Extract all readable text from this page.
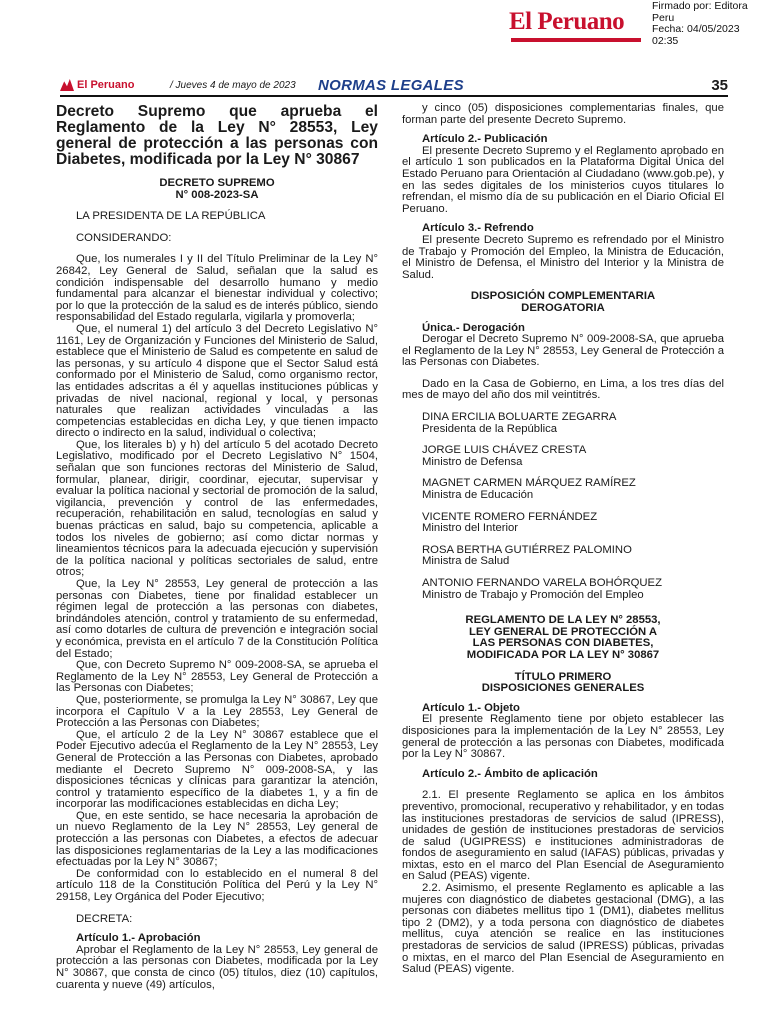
El Peruano
Firmado por: Editora
Peru
Fecha: 04/05/2023 02:35
El Peruano	/ Jueves 4 de mayo de 2023 NORMAS LEGALES	35

Decreto Supremo que aprueba el Reglamento de la Ley N° 28553, Ley general de protección a las personas con Diabetes, modificada por la Ley N° 30867

DECRETO SUPREMO

N° 008-2023-SA

LA PRESIDENTA DE LA REPÚBLICA

CONSIDERANDO:

Que, los numerales I y II del Título Preliminar de la Ley N° 26842, Ley General de Salud, señalan que la salud es condición indispensable del desarrollo humano y medio fundamental para alcanzar el bienestar individual y colectivo; por lo que la protección de la salud es de interés público, siendo responsabilidad del Estado regularla, vigilarla y promoverla;

Que, el numeral 1) del artículo 3 del Decreto Legislativo N° 1161, Ley de Organización y Funciones del Ministerio de Salud, establece que el Ministerio de Salud es competente en salud de las personas, y su artículo 4 dispone que el Sector Salud está conformado por el Ministerio de Salud, como organismo rector, las entidades adscritas a él y aquellas instituciones públicas y privadas de nivel nacional, regional y local, y personas naturales que realizan actividades vinculadas a las competencias establecidas en dicha Ley, y que tienen impacto directo o indirecto en la salud, individual o colectiva;

Que, los literales b) y h) del artículo 5 del acotado Decreto Legislativo, modificado por el Decreto Legislativo N° 1504, señalan que son funciones rectoras del Ministerio de Salud, formular, planear, dirigir, coordinar, ejecutar, supervisar y evaluar la política nacional y sectorial de promoción de la salud, vigilancia, prevención y control de las enfermedades, recuperación, rehabilitación en salud, tecnologías en salud y buenas prácticas en salud, bajo su competencia, aplicable a todos los niveles de gobierno; así como dictar normas y lineamientos técnicos para la adecuada ejecución y supervisión de la política nacional y políticas sectoriales de salud, entre otros;

Que, la Ley N° 28553, Ley general de protección a las personas con Diabetes, tiene por finalidad establecer un régimen legal de protección a las personas con diabetes, brindándoles atención, control y tratamiento de su enfermedad, así como dotarles de cultura de prevención e integración social y económica, prevista en el artículo 7 de la Constitución Política del Estado;

Que, con Decreto Supremo N° 009-2008-SA, se aprueba el Reglamento de la Ley N° 28553, Ley General de Protección a las Personas con Diabetes;

Que, posteriormente, se promulga la Ley N° 30867, Ley que incorpora el Capítulo V a la Ley 28553, Ley General de Protección a las Personas con Diabetes;

Que, el artículo 2 de la Ley N° 30867 establece que el Poder Ejecutivo adecúa el Reglamento de la Ley N° 28553, Ley General de Protección a las Personas con Diabetes, aprobado mediante el Decreto Supremo N° 009-2008-SA, y las disposiciones técnicas y clínicas para garantizar la atención, control y tratamiento específico de la diabetes 1, y a fin de incorporar las modificaciones establecidas en dicha Ley;

Que, en este sentido, se hace necesaria la aprobación de un nuevo Reglamento de la Ley N° 28553, Ley general de protección a las personas con Diabetes, a efectos de adecuar las disposiciones reglamentarias de la Ley a las modificaciones efectuadas por la Ley N° 30867;

De conformidad con lo establecido en el numeral 8 del artículo 118 de la Constitución Política del Perú y la Ley N° 29158, Ley Orgánica del Poder Ejecutivo;

DECRETA:

Artículo 1.- Aprobación

Aprobar el Reglamento de la Ley N° 28553, Ley general de protección a las personas con Diabetes, modificada por la Ley N° 30867, que consta de cinco (05) títulos, diez (10) capítulos, cuarenta y nueve (49) artículos,

y cinco (05) disposiciones complementarias finales, que forman parte del presente Decreto Supremo.

Artículo 2.- Publicación

El presente Decreto Supremo y el Reglamento aprobado en el artículo 1 son publicados en la Plataforma Digital Única del Estado Peruano para Orientación al Ciudadano (www.gob.pe), y en las sedes digitales de los ministerios cuyos titulares lo refrendan, el mismo día de su publicación en el Diario Oficial El Peruano.

Artículo 3.- Refrendo

El presente Decreto Supremo es refrendado por el Ministro de Trabajo y Promoción del Empleo, la Ministra de Educación, el Ministro de Defensa, el Ministro del Interior y la Ministra de Salud.

DISPOSICIÓN COMPLEMENTARIA

DEROGATORIA

Única.- Derogación

Derogar el Decreto Supremo N° 009-2008-SA, que aprueba el Reglamento de la Ley N° 28553, Ley General de Protección a las Personas con Diabetes.

Dado en la Casa de Gobierno, en Lima, a los tres días del mes de mayo del año dos mil veintitrés.

DINA ERCILIA BOLUARTE ZEGARRA

Presidenta de la República

JORGE LUIS CHÁVEZ CRESTA

Ministro de Defensa

MAGNET CARMEN MÁRQUEZ RAMÍREZ

Ministra de Educación

VICENTE ROMERO FERNÁNDEZ

Ministro del Interior

ROSA BERTHA GUTIÉRREZ PALOMINO

Ministra de Salud

ANTONIO FERNANDO VARELA BOHÓRQUEZ

Ministro de Trabajo y Promoción del Empleo

REGLAMENTO DE LA LEY N° 28553,

LEY GENERAL DE PROTECCIÓN A

LAS PERSONAS CON DIABETES,

MODIFICADA POR LA LEY N° 30867

TÍTULO PRIMERO

DISPOSICIONES GENERALES

Artículo 1.- Objeto

El presente Reglamento tiene por objeto establecer las disposiciones para la implementación de la Ley N° 28553, Ley general de protección a las personas con Diabetes, modificada por la Ley N° 30867.

Artículo 2.- Ámbito de aplicación

2.1. El presente Reglamento se aplica en los ámbitos preventivo, promocional, recuperativo y rehabilitador, y en todas las instituciones prestadoras de servicios de salud (IPRESS), unidades de gestión de instituciones prestadoras de servicios de salud (UGIPRESS) e instituciones administradoras de fondos de aseguramiento en salud (IAFAS) públicas, privadas y mixtas, esto en el marco del Plan Esencial de Aseguramiento en Salud (PEAS) vigente.

2.2. Asimismo, el presente Reglamento es aplicable a las mujeres con diagnóstico de diabetes gestacional (DMG), a las personas con diabetes mellitus tipo 1 (DM1), diabetes mellitus tipo 2 (DM2), y a toda persona con diagnóstico de diabetes mellitus, cuya atención se realice en las instituciones prestadoras de servicios de salud (IPRESS) públicas, privadas o mixtas, en el marco del Plan Esencial de Aseguramiento en Salud (PEAS) vigente.
